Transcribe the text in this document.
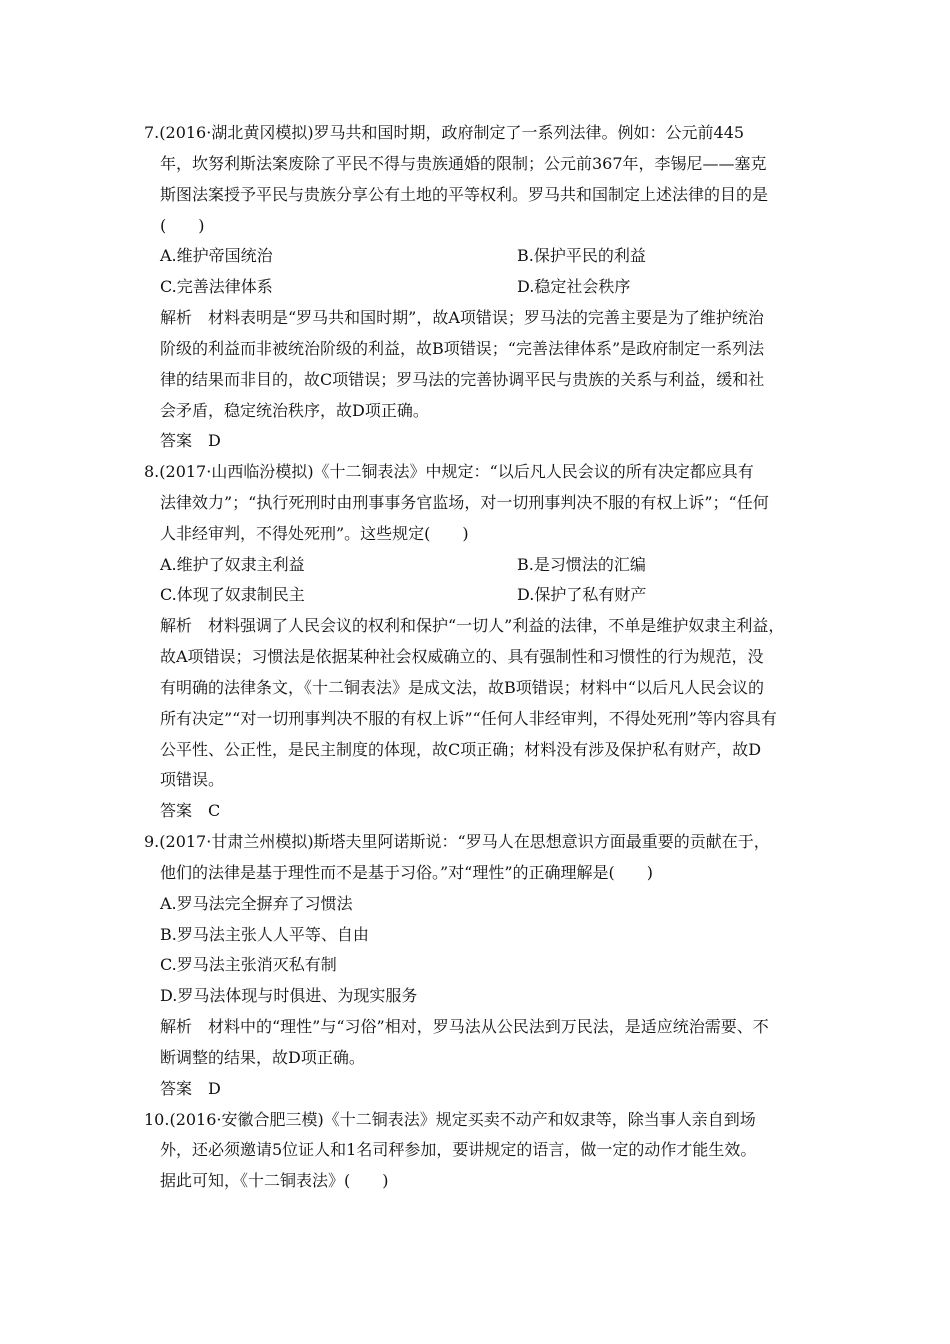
7.(2016·湖北黄冈模拟)罗马共和国时期，政府制定了一系列法律。例如：公元前445
年，坎努利斯法案废除了平民不得与贵族通婚的限制；公元前367年，李锡尼——塞克
斯图法案授予平民与贵族分享公有土地的平等权利。罗马共和国制定上述法律的目的是
(　　)
A.维护帝国统治	B.保护平民的利益
C.完善法律体系	D.稳定社会秩序
解析　材料表明是“罗马共和国时期”，故A项错误；罗马法的完善主要是为了维护统治
阶级的利益而非被统治阶级的利益，故B项错误；“完善法律体系”是政府制定一系列法
律的结果而非目的，故C项错误；罗马法的完善协调平民与贵族的关系与利益，缓和社
会矛盾，稳定统治秩序，故D项正确。
答案　D
8.(2017·山西临汾模拟)《十二铜表法》中规定：“以后凡人民会议的所有决定都应具有
法律效力”；“执行死刑时由刑事事务官监场，对一切刑事判决不服的有权上诉”；“任何
人非经审判，不得处死刑”。这些规定(　　)
A.维护了奴隶主利益	B.是习惯法的汇编
C.体现了奴隶制民主	D.保护了私有财产
解析　材料强调了人民会议的权利和保护“一切人”利益的法律，不单是维护奴隶主利益，
故A项错误；习惯法是依据某种社会权威确立的、具有强制性和习惯性的行为规范，没
有明确的法律条文，《十二铜表法》是成文法，故B项错误；材料中“以后凡人民会议的
所有决定”“对一切刑事判决不服的有权上诉”“任何人非经审判，不得处死刑”等内容具有
公平性、公正性，是民主制度的体现，故C项正确；材料没有涉及保护私有财产，故D
项错误。
答案　C
9.(2017·甘肃兰州模拟)斯塔夫里阿诺斯说：“罗马人在思想意识方面最重要的贡献在于，
他们的法律是基于理性而不是基于习俗。”对“理性”的正确理解是(　　)
A.罗马法完全摒弃了习惯法
B.罗马法主张人人平等、自由
C.罗马法主张消灭私有制
D.罗马法体现与时俱进、为现实服务
解析　材料中的“理性”与“习俗”相对，罗马法从公民法到万民法，是适应统治需要、不
断调整的结果，故D项正确。
答案　D
10.(2016·安徽合肥三模)《十二铜表法》规定买卖不动产和奴隶等，除当事人亲自到场
外，还必须邀请5位证人和1名司秤参加，要讲规定的语言，做一定的动作才能生效。
据此可知，《十二铜表法》(　　)
